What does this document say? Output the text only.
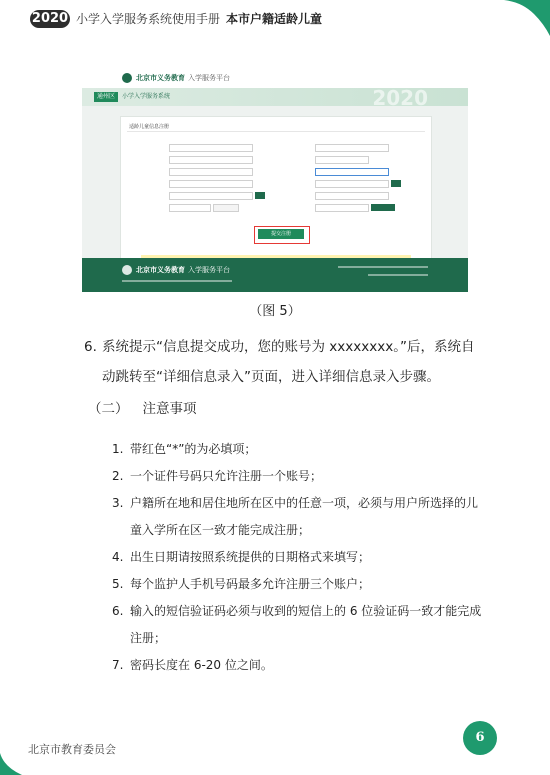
2020 小学入学服务系统使用手册 本市户籍适龄儿童
北京市义务教育 入学服务平台
通州区	小学入学服务系统	2020
适龄儿童信息注册
提交注册
北京市义务教育 入学服务平台
（图 5）
6. 系统提示“信息提交成功，您的账号为 xxxxxxxx。”后，系统自动跳转至“详细信息录入”页面，进入详细信息录入步骤。
（二） 注意事项
1. 带红色“*”的为必填项；
2. 一个证件号码只允许注册一个账号；
3. 户籍所在地和居住地所在区中的任意一项，必须与用户所选择的儿童入学所在区一致才能完成注册；
4. 出生日期请按照系统提供的日期格式来填写；
5. 每个监护人手机号码最多允许注册三个账户；
6. 输入的短信验证码必须与收到的短信上的 6 位验证码一致才能完成注册；
7. 密码长度在 6-20 位之间。
北京市教育委员会
6
